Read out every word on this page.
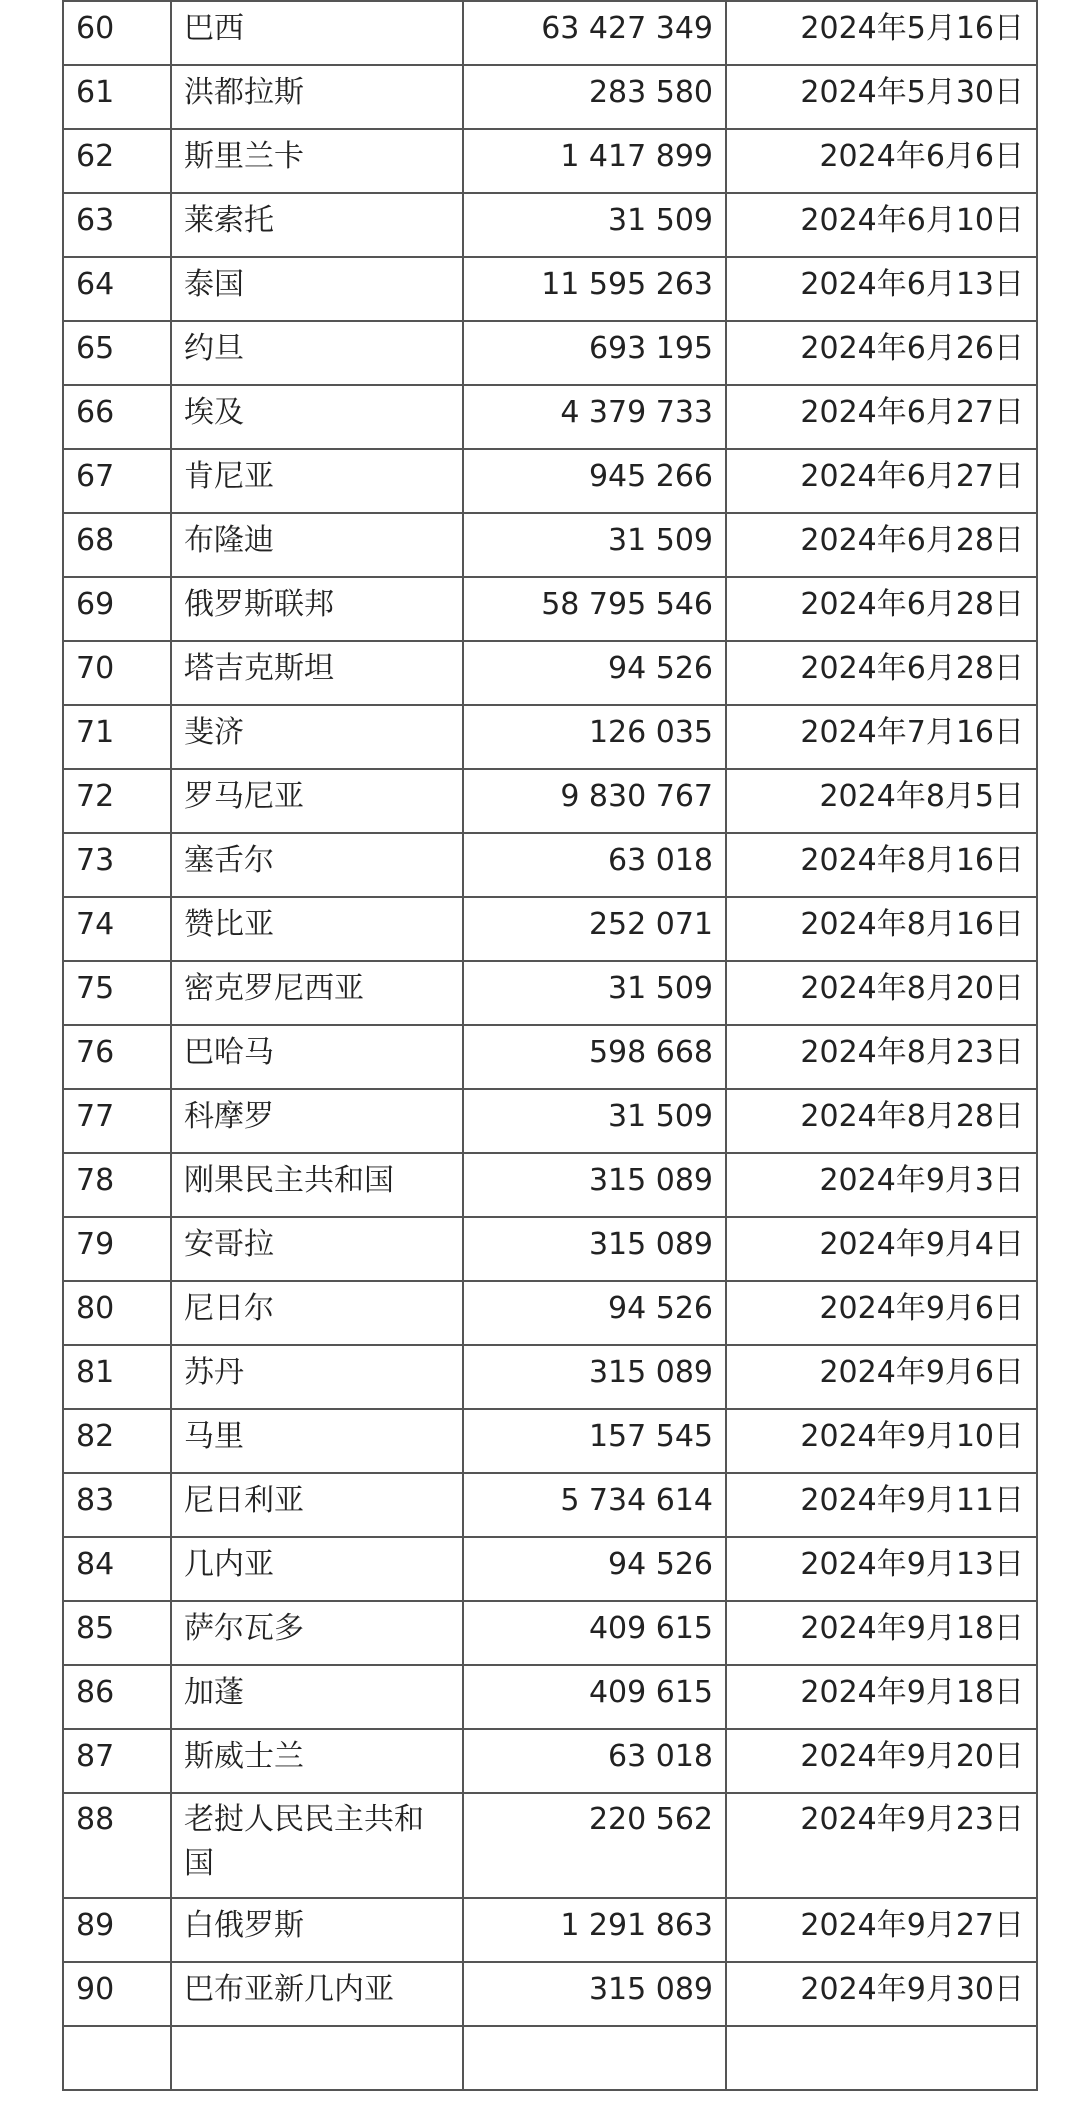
60	巴西	63 427 349	2024年5月16日
61	洪都拉斯	283 580	2024年5月30日
62	斯里兰卡	1 417 899	2024年6月6日
63	莱索托	31 509	2024年6月10日
64	泰国	11 595 263	2024年6月13日
65	约旦	693 195	2024年6月26日
66	埃及	4 379 733	2024年6月27日
67	肯尼亚	945 266	2024年6月27日
68	布隆迪	31 509	2024年6月28日
69	俄罗斯联邦	58 795 546	2024年6月28日
70	塔吉克斯坦	94 526	2024年6月28日
71	斐济	126 035	2024年7月16日
72	罗马尼亚	9 830 767	2024年8月5日
73	塞舌尔	63 018	2024年8月16日
74	赞比亚	252 071	2024年8月16日
75	密克罗尼西亚	31 509	2024年8月20日
76	巴哈马	598 668	2024年8月23日
77	科摩罗	31 509	2024年8月28日
78	刚果民主共和国	315 089	2024年9月3日
79	安哥拉	315 089	2024年9月4日
80	尼日尔	94 526	2024年9月6日
81	苏丹	315 089	2024年9月6日
82	马里	157 545	2024年9月10日
83	尼日利亚	5 734 614	2024年9月11日
84	几内亚	94 526	2024年9月13日
85	萨尔瓦多	409 615	2024年9月18日
86	加蓬	409 615	2024年9月18日
87	斯威士兰	63 018	2024年9月20日
88	老挝人民民主共和国	220 562	2024年9月23日
89	白俄罗斯	1 291 863	2024年9月27日
90	巴布亚新几内亚	315 089	2024年9月30日
